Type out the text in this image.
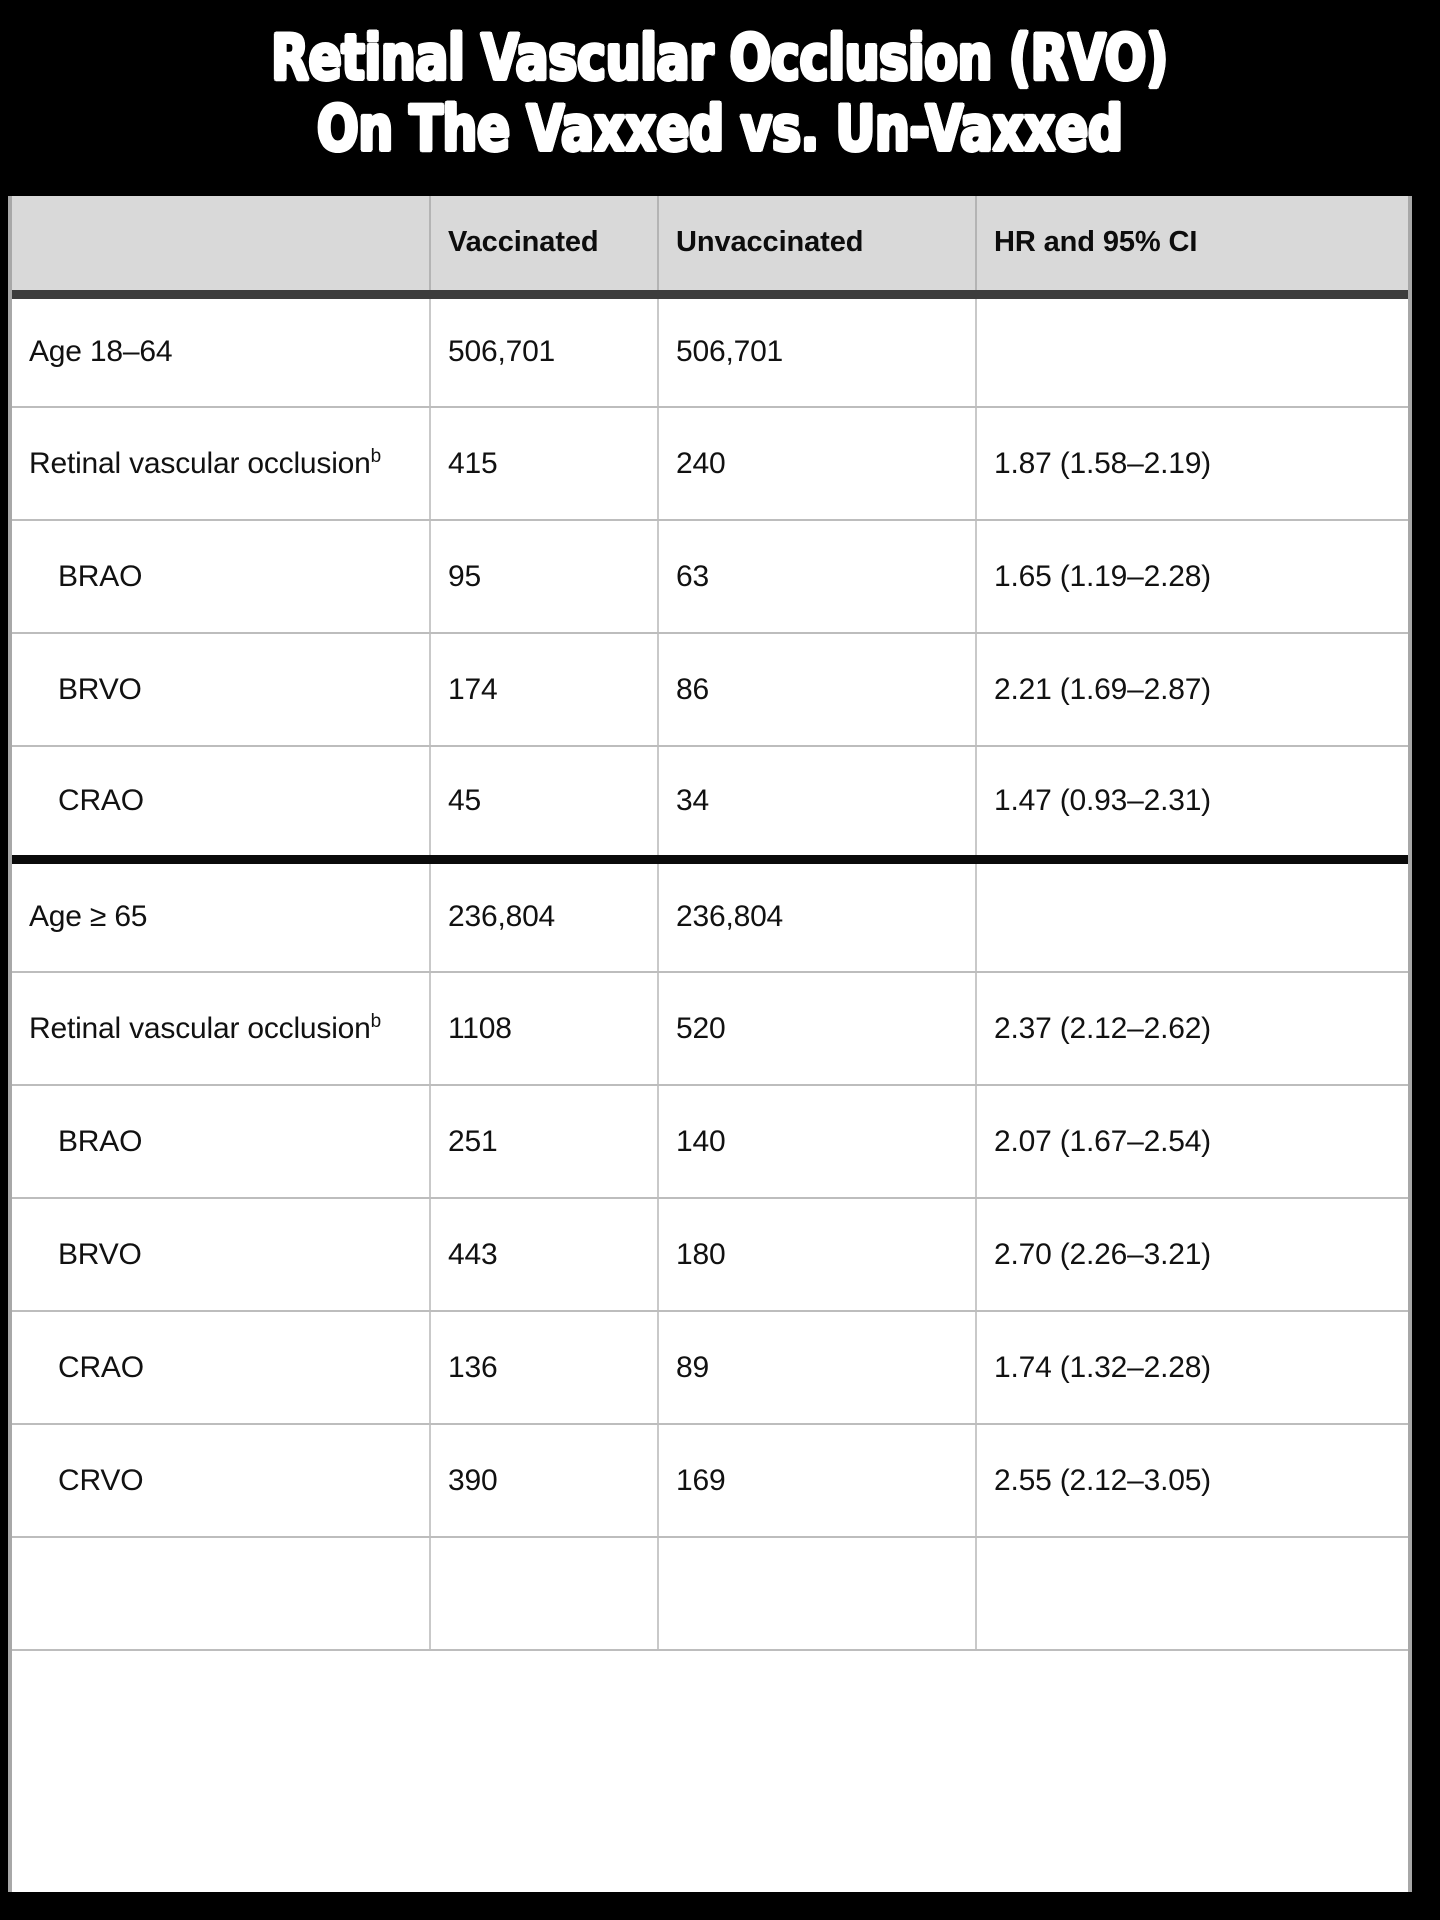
Retinal Vascular Occlusion (RVO)
On The Vaxxed vs. Un-Vaxxed
	Vaccinated	Unvaccinated	HR and 95% CI
Age 18–64	506,701	506,701	
Retinal vascular occlusion$^b$	415	240	1.87 (1.58–2.19)
BRAO	95	63	1.65 (1.19–2.28)
BRVO	174	86	2.21 (1.69–2.87)
CRAO	45	34	1.47 (0.93–2.31)
Age ≥ 65	236,804	236,804	
Retinal vascular occlusion$^b$	1108	520	2.37 (2.12–2.62)
BRAO	251	140	2.07 (1.67–2.54)
BRVO	443	180	2.70 (2.26–3.21)
CRAO	136	89	1.74 (1.32–2.28)
CRVO	390	169	2.55 (2.12–3.05)
